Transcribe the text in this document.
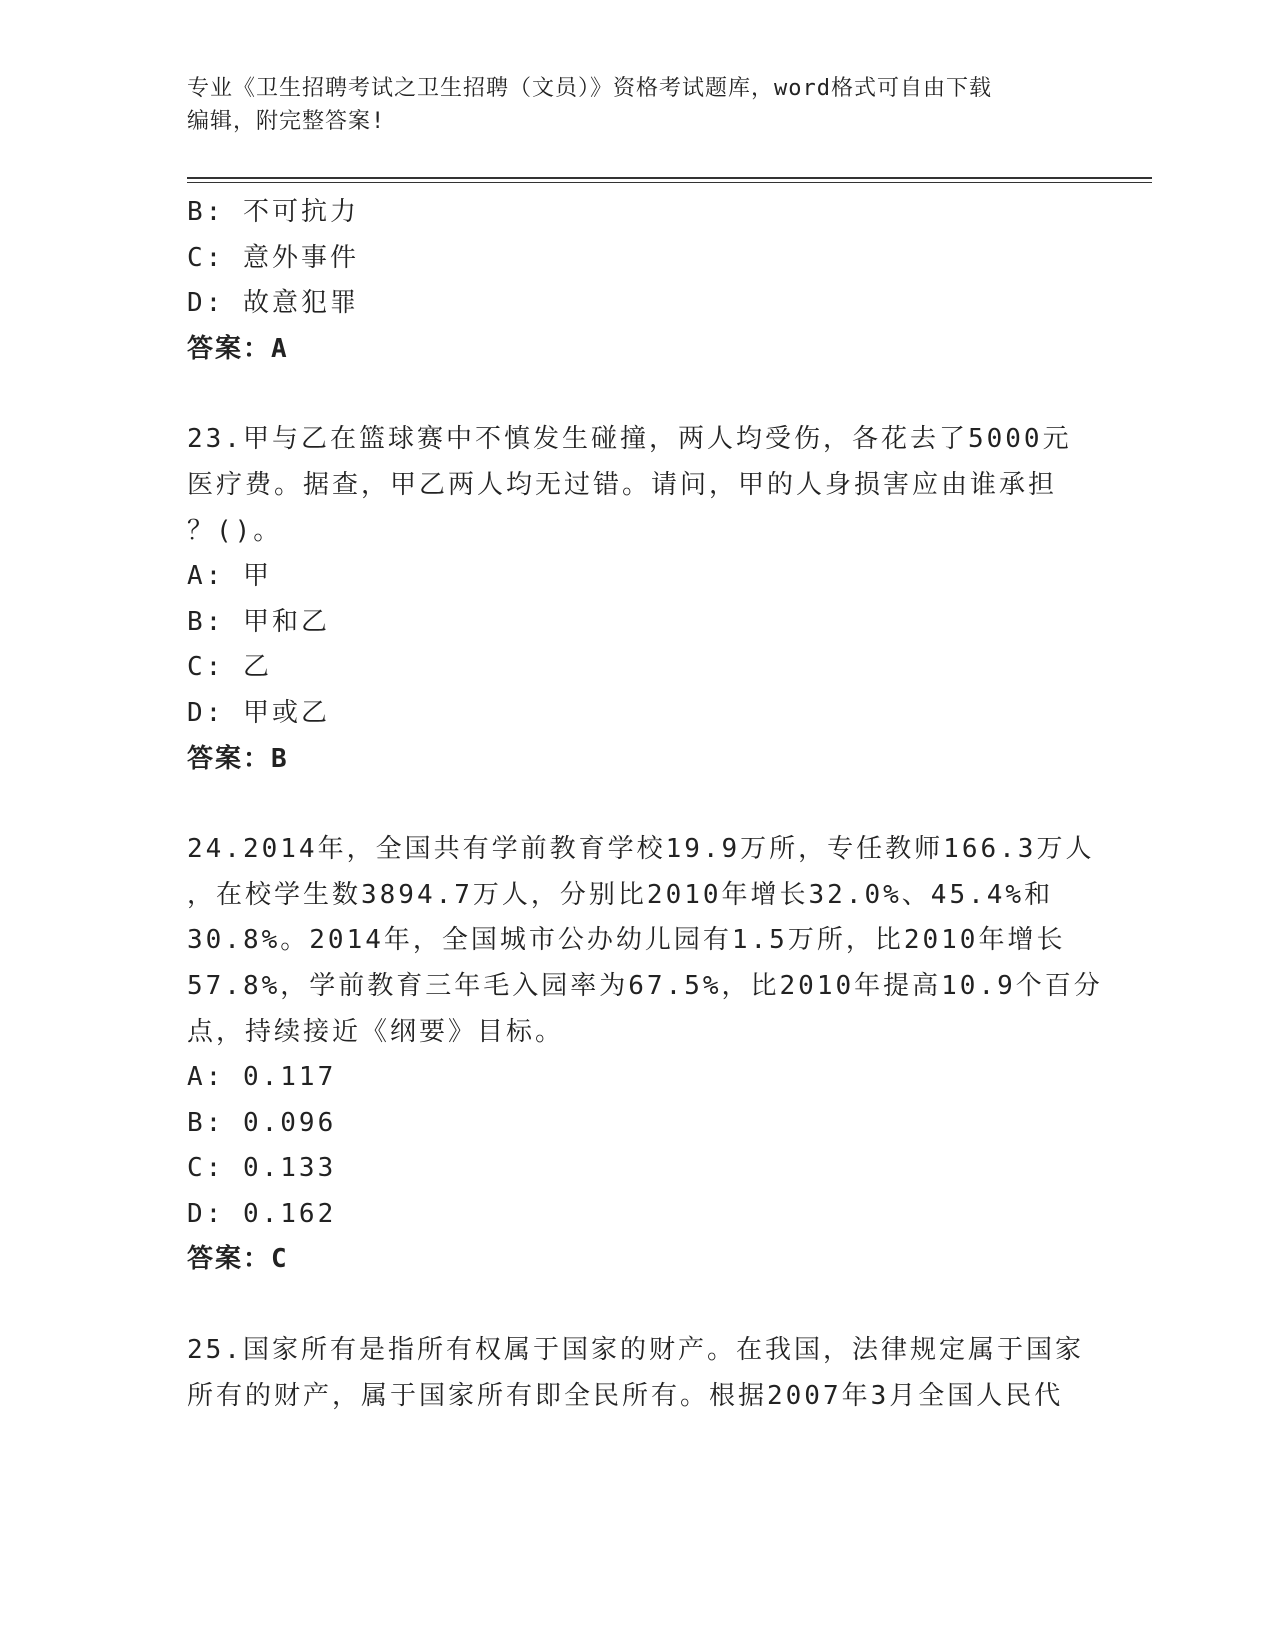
专业《卫生招聘考试之卫生招聘（文员）》资格考试题库，word格式可自由下载
编辑，附完整答案!
B: 不可抗力
C: 意外事件
D: 故意犯罪
答案：A
23.甲与乙在篮球赛中不慎发生碰撞，两人均受伤，各花去了5000元
医疗费。据查，甲乙两人均无过错。请问，甲的人身损害应由谁承担
？()。
A: 甲
B: 甲和乙
C: 乙
D: 甲或乙
答案：B
24.2014年，全国共有学前教育学校19.9万所，专任教师166.3万人
，在校学生数3894.7万人，分别比2010年增长32.0%、45.4%和
30.8%。2014年，全国城市公办幼儿园有1.5万所，比2010年增长
57.8%，学前教育三年毛入园率为67.5%，比2010年提高10.9个百分
点，持续接近《纲要》目标。
A: 0.117
B: 0.096
C: 0.133
D: 0.162
答案：C
25.国家所有是指所有权属于国家的财产。在我国，法律规定属于国家
所有的财产，属于国家所有即全民所有。根据2007年3月全国人民代
